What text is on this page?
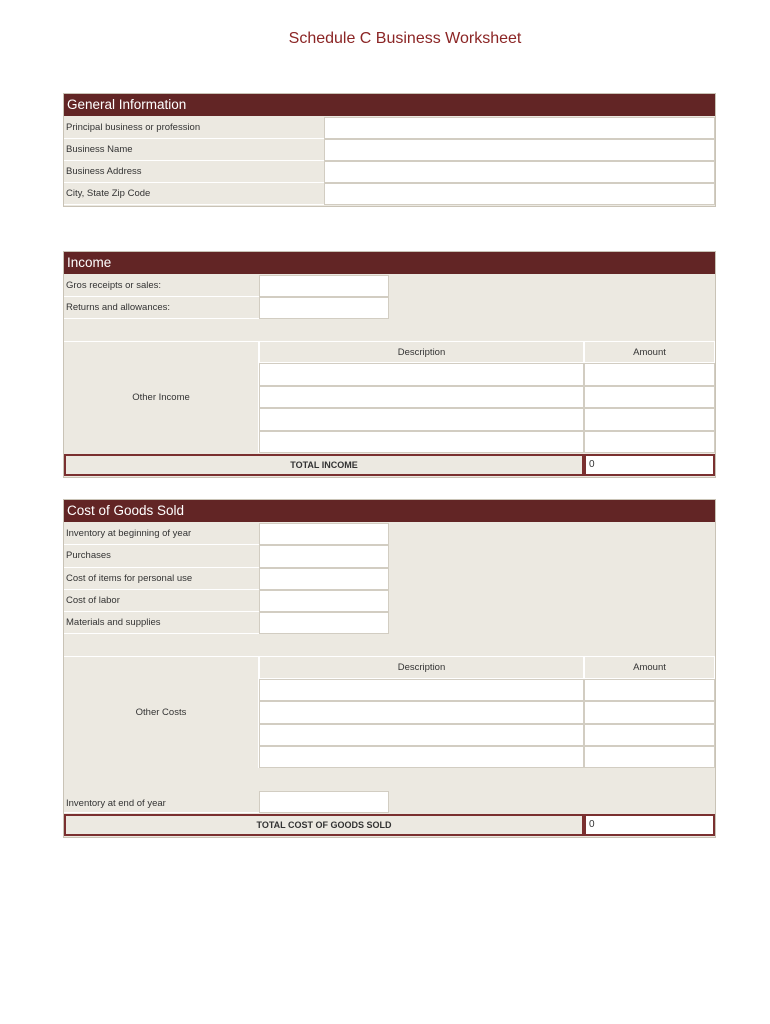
Schedule C Business Worksheet
General Information
Principal business or profession
Business Name
Business Address
City, State Zip Code
Income
Gros receipts or sales:
Returns and allowances:
Other Income
Description	Amount
TOTAL INCOME	0
Cost of Goods Sold
Inventory at beginning of year
Purchases
Cost of items for personal use
Cost of labor
Materials and supplies
Other Costs
Description	Amount
Inventory at end of year
TOTAL COST OF GOODS SOLD	0
